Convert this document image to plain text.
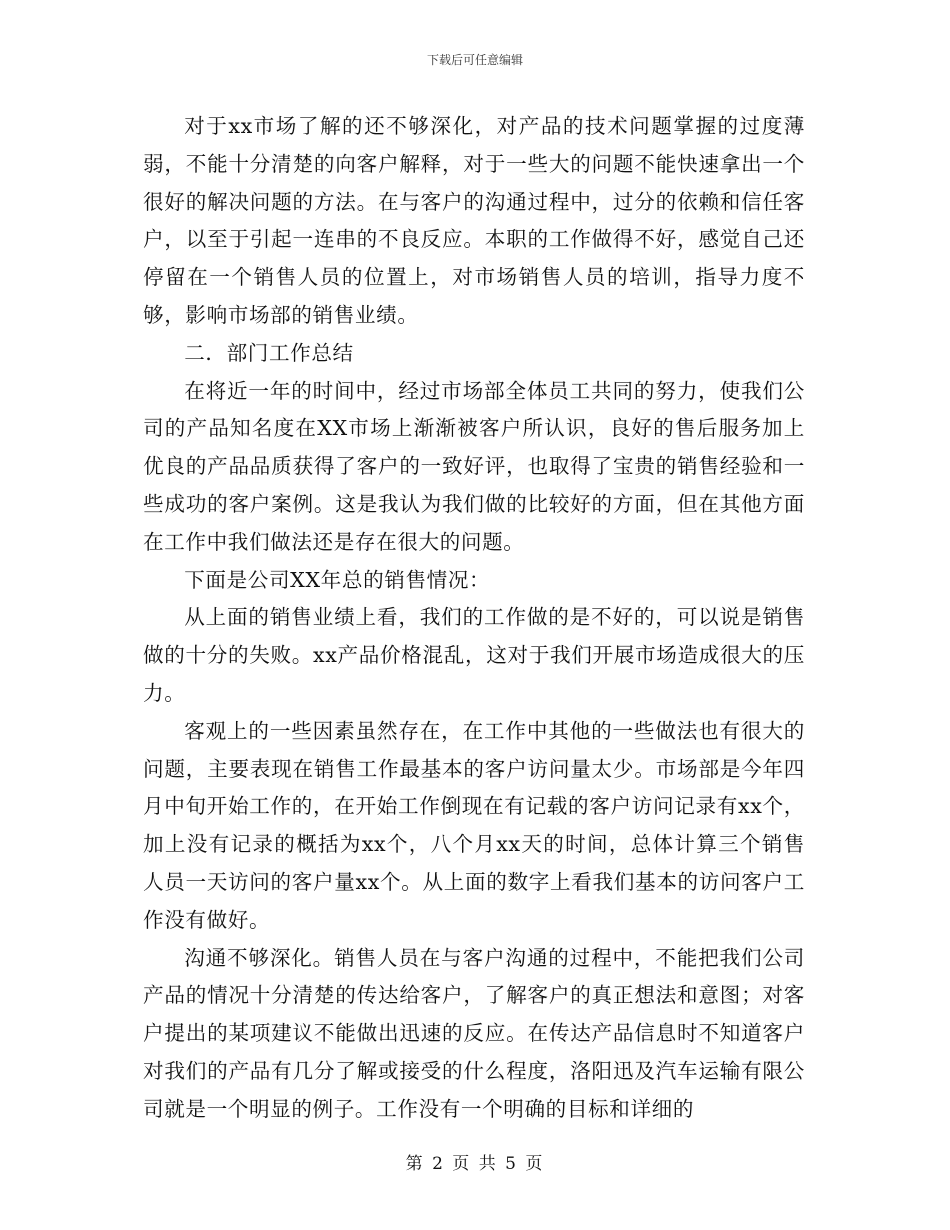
下载后可任意编辑

对于xx市场了解的还不够深化，对产品的技术问题掌握的过度薄弱，不能十分清楚的向客户解释，对于一些大的问题不能快速拿出一个很好的解决问题的方法。在与客户的沟通过程中，过分的依赖和信任客户，以至于引起一连串的不良反应。本职的工作做得不好，感觉自己还停留在一个销售人员的位置上，对市场销售人员的培训，指导力度不够，影响市场部的销售业绩。

二．部门工作总结

在将近一年的时间中，经过市场部全体员工共同的努力，使我们公司的产品知名度在XX市场上渐渐被客户所认识，良好的售后服务加上优良的产品品质获得了客户的一致好评，也取得了宝贵的销售经验和一些成功的客户案例。这是我认为我们做的比较好的方面，但在其他方面在工作中我们做法还是存在很大的问题。

下面是公司XX年总的销售情况：

从上面的销售业绩上看，我们的工作做的是不好的，可以说是销售做的十分的失败。xx产品价格混乱，这对于我们开展市场造成很大的压力。

客观上的一些因素虽然存在，在工作中其他的一些做法也有很大的问题，主要表现在销售工作最基本的客户访问量太少。市场部是今年四月中旬开始工作的，在开始工作倒现在有记载的客户访问记录有xx个，加上没有记录的概括为xx个，八个月xx天的时间，总体计算三个销售人员一天访问的客户量xx个。从上面的数字上看我们基本的访问客户工作没有做好。

沟通不够深化。销售人员在与客户沟通的过程中，不能把我们公司产品的情况十分清楚的传达给客户，了解客户的真正想法和意图；对客户提出的某项建议不能做出迅速的反应。在传达产品信息时不知道客户对我们的产品有几分了解或接受的什么程度，洛阳迅及汽车运输有限公司就是一个明显的例子。工作没有一个明确的目标和详细的

第 2 页 共 5 页
